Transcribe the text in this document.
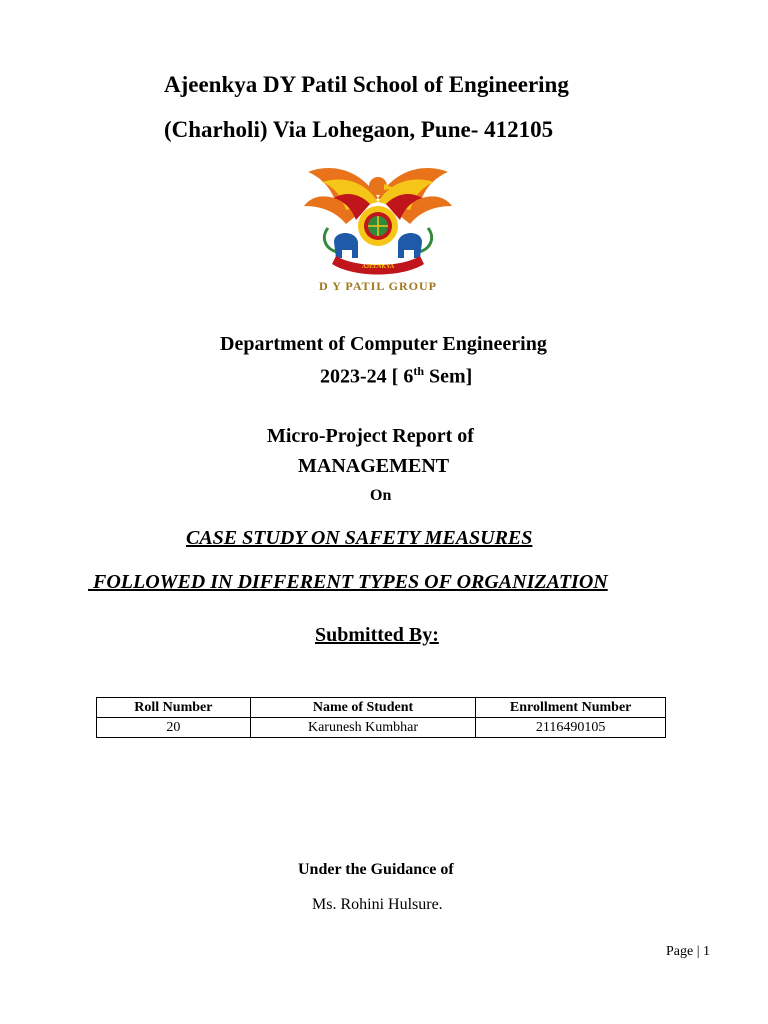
Ajeenkya DY Patil School of Engineering
(Charholi) Via Lohegaon, Pune- 412105
AJEENKYA
D Y PATIL GROUP
Department of Computer Engineering
2023-24 [ 6th Sem]
Micro-Project Report of
MANAGEMENT
On
CASE STUDY ON SAFETY MEASURES
FOLLOWED IN DIFFERENT TYPES OF ORGANIZATION
Submitted By:
Roll Number	Name of Student	Enrollment Number
20	Karunesh Kumbhar	2116490105
Under the Guidance of
Ms. Rohini Hulsure.
Page | 1
